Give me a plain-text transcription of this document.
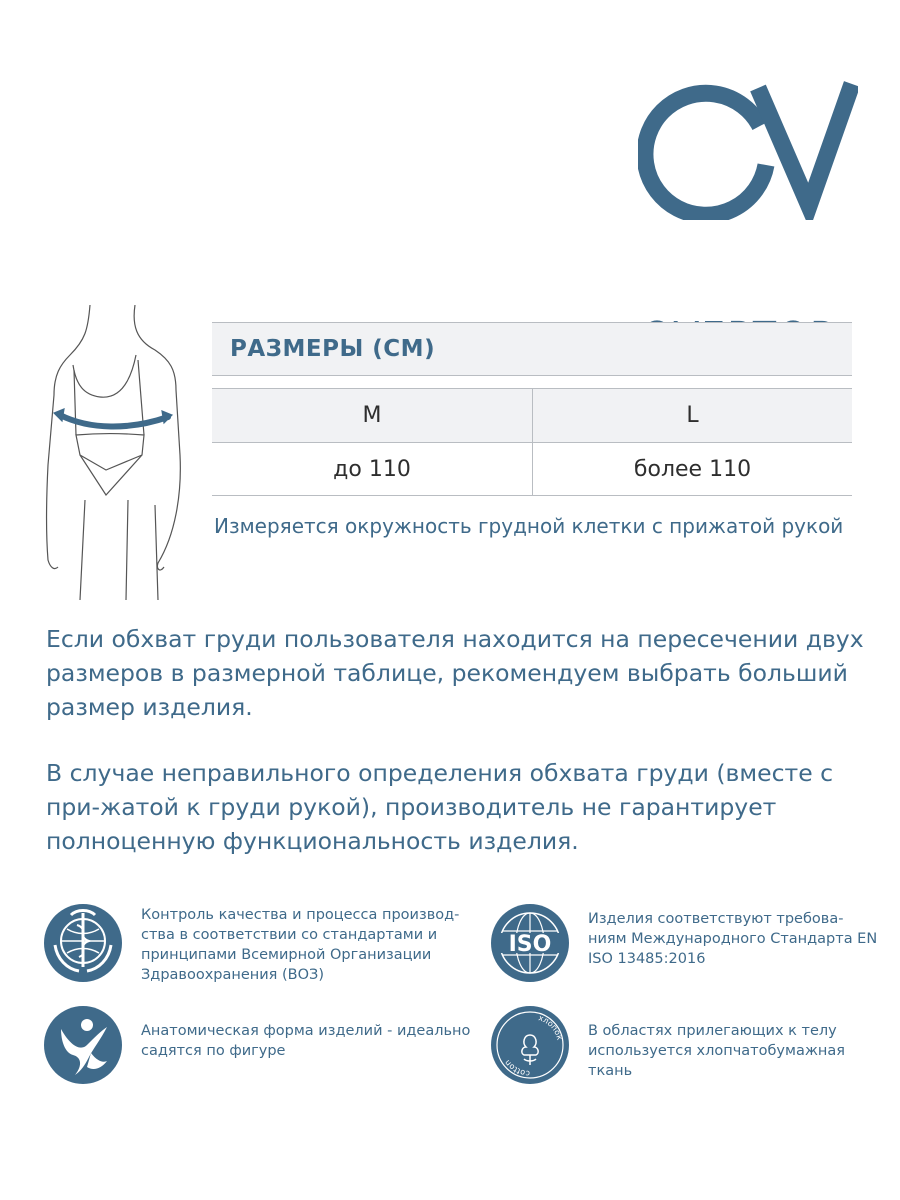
РАЗМЕРЫ (СМ)
M	L
до 110	более 110
Измеряется окружность грудной клетки с прижатой рукой
Если обхват груди пользователя находится на пересечении двух размеров в размерной таблице, рекомендуем выбрать больший размер изделия.
В случае неправильного определения обхвата груди (вместе с при-жатой к груди рукой), производитель не гарантирует полноценную функциональность изделия.
Контроль качества и процесса производ-ства в соответствии со стандартами и принципами Всемирной Организации Здравоохранения (ВОЗ)
ISO
Изделия соответствуют требова-ниям Международного Стандарта EN ISO 13485:2016
Анатомическая форма изделий - идеально садятся по фигуре
cotton
хлопок В областях прилегающих к телу используется хлопчатобумажная ткань
